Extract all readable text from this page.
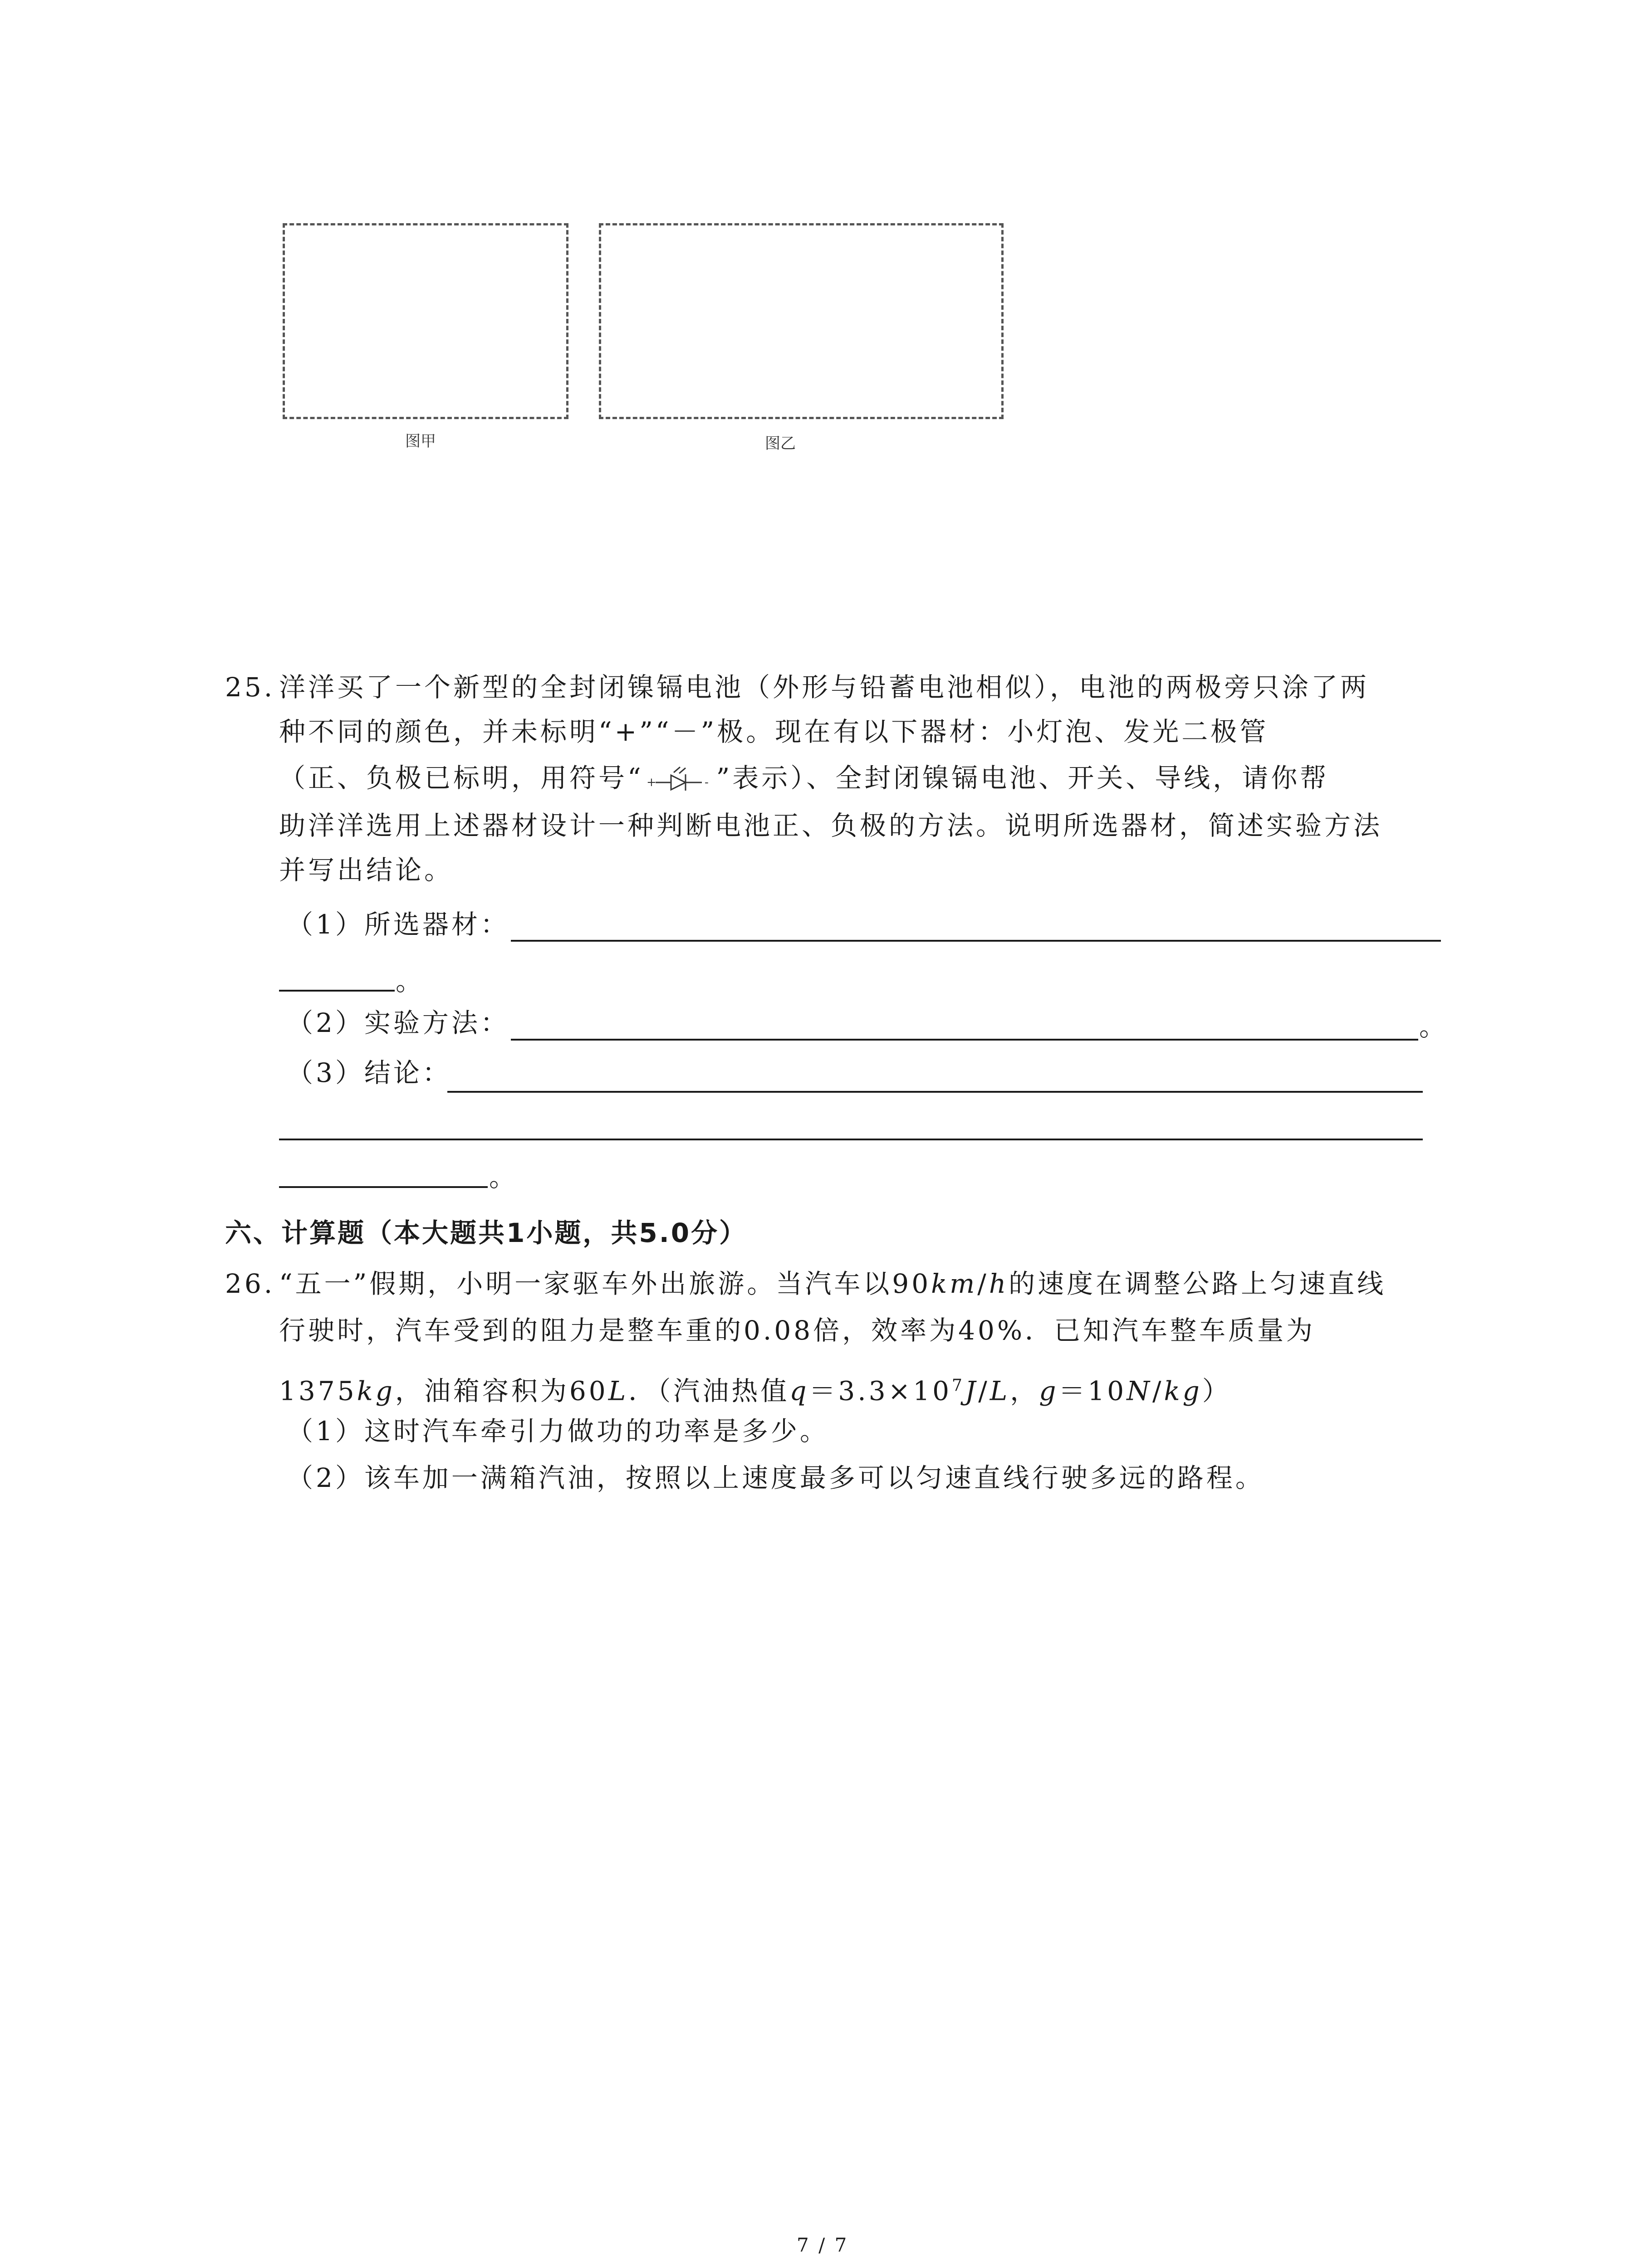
图甲	图乙
25. 洋洋买了一个新型的全封闭镍镉电池（外形与铅蓄电池相似），电池的两极旁只涂了两
种不同的颜色，并未标明“+”“－”极。现在有以下器材：小灯泡、发光二极管
（正、负极已标明，用符号“ +	- ”表示）、全封闭镍镉电池、开关、导线，请你帮
助洋洋选用上述器材设计一种判断电池正、负极的方法。说明所选器材，简述实验方法
并写出结论。
（1）所选器材：
。
（2）实验方法：	。
（3）结论：
。
六、计算题（本大题共1小题，共5.0分）
26. “五一”假期，小明一家驱车外出旅游。当汽车以90km/h的速度在调整公路上匀速直线
行驶时，汽车受到的阻力是整车重的0.08倍，效率为40%．已知汽车整车质量为
1375kg，油箱容积为60L．（汽油热值$q=3.3\times 10^7J/L$，g＝10N/kg）
（1）这时汽车牵引力做功的功率是多少。
（2）该车加一满箱汽油，按照以上速度最多可以匀速直线行驶多远的路程。
7 / 7
